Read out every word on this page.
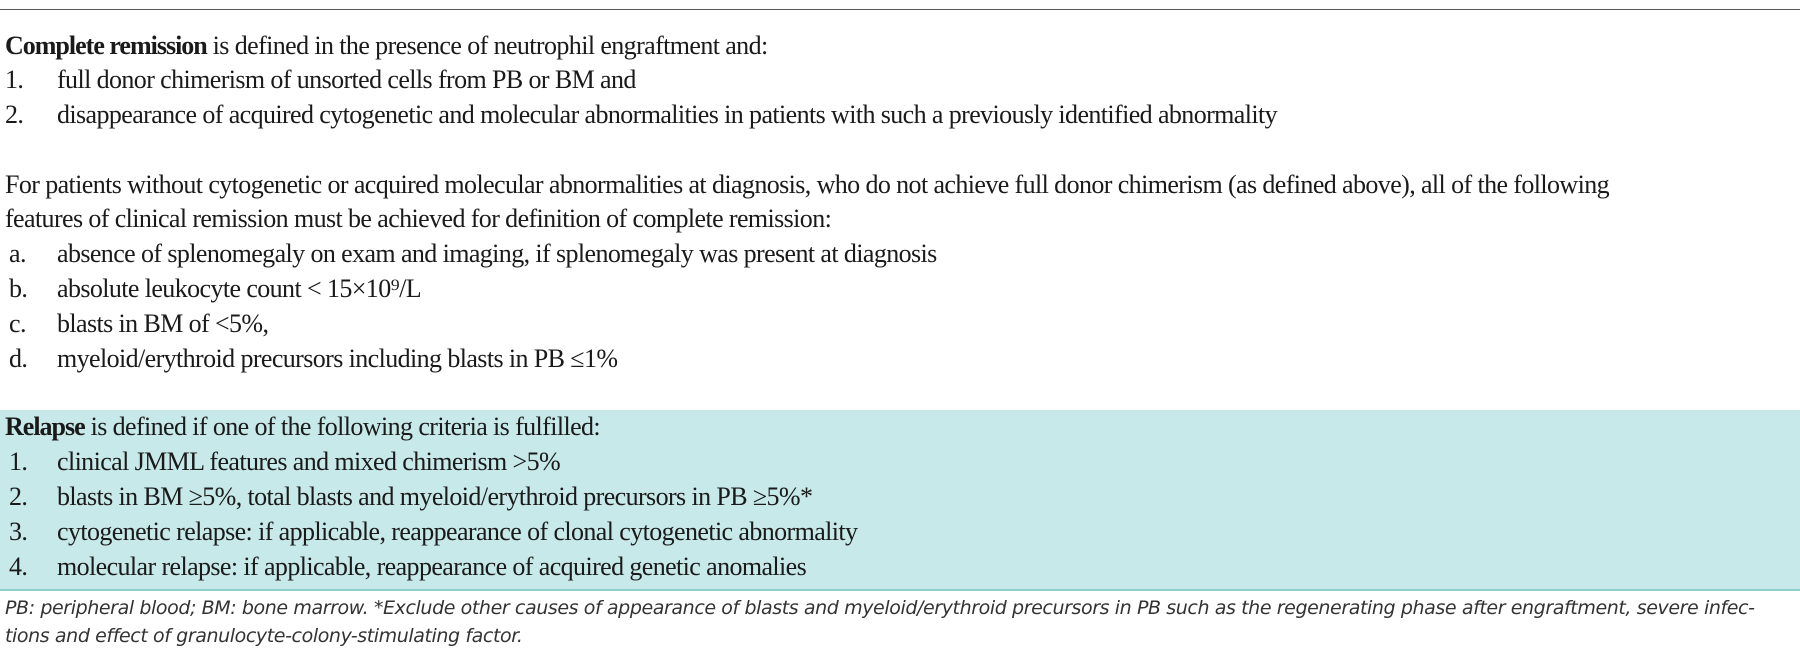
Complete remission is defined in the presence of neutrophil engraftment and:
1. full donor chimerism of unsorted cells from PB or BM and
2. disappearance of acquired cytogenetic and molecular abnormalities in patients with such a previously identified abnormality
For patients without cytogenetic or acquired molecular abnormalities at diagnosis, who do not achieve full donor chimerism (as defined above), all of the following
features of clinical remission must be achieved for definition of complete remission:
a. absence of splenomegaly on exam and imaging, if splenomegaly was present at diagnosis
b. absolute leukocyte count < 15×10⁹/L
c. blasts in BM of <5%,
d. myeloid/erythroid precursors including blasts in PB ≤1%
Relapse is defined if one of the following criteria is fulfilled:
1. clinical JMML features and mixed chimerism >5%
2. blasts in BM ≥5%, total blasts and myeloid/erythroid precursors in PB ≥5%*
3. cytogenetic relapse: if applicable, reappearance of clonal cytogenetic abnormality
4. molecular relapse: if applicable, reappearance of acquired genetic anomalies
PB: peripheral blood; BM: bone marrow. *Exclude other causes of appearance of blasts and myeloid/erythroid precursors in PB such as the regenerating phase after engraftment, severe infec-
tions and effect of granulocyte-colony-stimulating factor.
